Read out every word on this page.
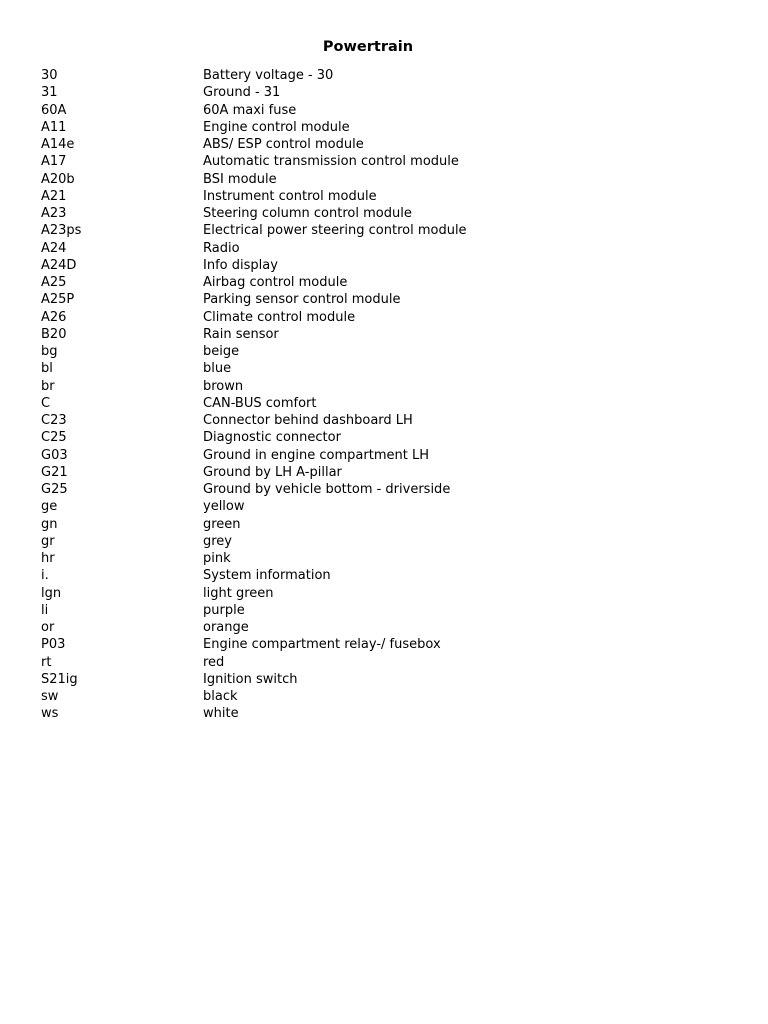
Powertrain
30	Battery voltage - 30
31	Ground - 31
60A	60A maxi fuse
A11	Engine control module
A14e	ABS/ ESP control module
A17	Automatic transmission control module
A20b	BSI module
A21	Instrument control module
A23	Steering column control module
A23ps	Electrical power steering control module
A24	Radio
A24D	Info display
A25	Airbag control module
A25P	Parking sensor control module
A26	Climate control module
B20	Rain sensor
bg	beige
bl	blue
br	brown
C	CAN-BUS comfort
C23	Connector behind dashboard LH
C25	Diagnostic connector
G03	Ground in engine compartment LH
G21	Ground by LH A-pillar
G25	Ground by vehicle bottom - driverside
ge	yellow
gn	green
gr	grey
hr	pink
i.	System information
lgn	light green
li	purple
or	orange
P03	Engine compartment relay-/ fusebox
rt	red
S21ig	Ignition switch
sw	black
ws	white
